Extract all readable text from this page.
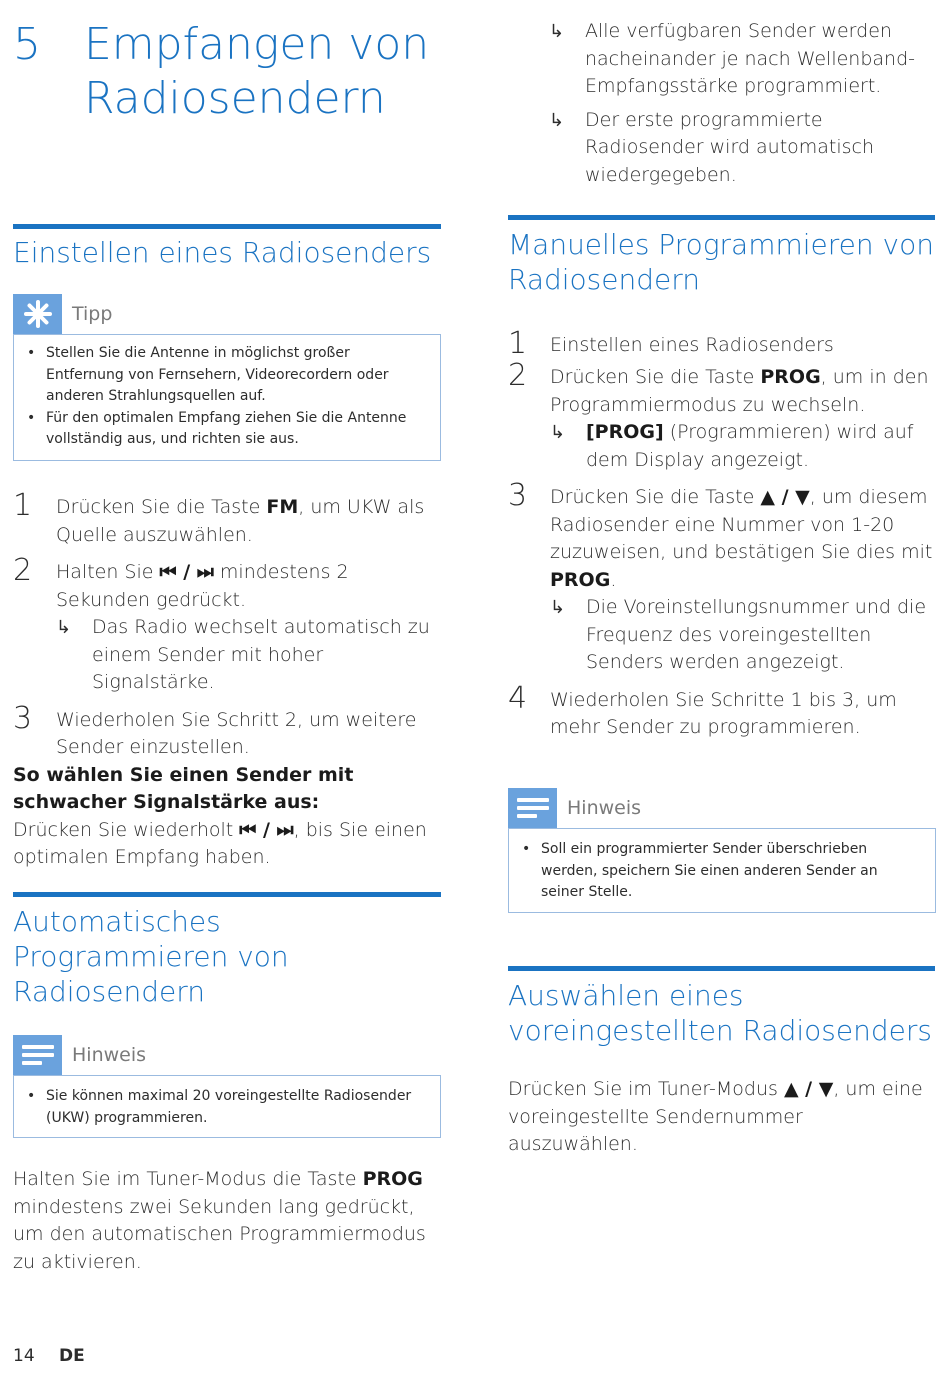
5 Empfangen von Radiosendern
↳ Alle verfügbaren Sender werden nacheinander je nach Wellenband-Empfangsstärke programmiert.
↳ Der erste programmierte Radiosender wird automatisch wiedergegeben.
Einstellen eines Radiosenders
Tipp
• Stellen Sie die Antenne in möglichst großer Entfernung von Fernsehern, Videorecordern oder anderen Strahlungsquellen auf.
• Für den optimalen Empfang ziehen Sie die Antenne vollständig aus, und richten sie aus.
1	Drücken Sie die Taste FM, um UKW als Quelle auszuwählen.
2	Halten Sie ⏮ / ⏭ mindestens 2 Sekunden gedrückt.
↳ Das Radio wechselt automatisch zu einem Sender mit hoher Signalstärke.
3	Wiederholen Sie Schritt 2, um weitere Sender einzustellen.
So wählen Sie einen Sender mit schwacher Signalstärke aus:
Drücken Sie wiederholt ⏮ / ⏭, bis Sie einen optimalen Empfang haben.
Automatisches Programmieren von Radiosendern
Hinweis
• Sie können maximal 20 voreingestellte Radiosender (UKW) programmieren.
Halten Sie im Tuner-Modus die Taste PROG mindestens zwei Sekunden lang gedrückt, um den automatischen Programmiermodus zu aktivieren.
Manuelles Programmieren von Radiosendern
1	Einstellen eines Radiosenders
2	Drücken Sie die Taste PROG, um in den Programmiermodus zu wechseln.
↳ [PROG] (Programmieren) wird auf dem Display angezeigt.
3	Drücken Sie die Taste ▲ / ▼, um diesem Radiosender eine Nummer von 1-20 zuzuweisen, und bestätigen Sie dies mit PROG.
↳ Die Voreinstellungsnummer und die Frequenz des voreingestellten Senders werden angezeigt.
4	Wiederholen Sie Schritte 1 bis 3, um mehr Sender zu programmieren.
Hinweis
• Soll ein programmierter Sender überschrieben werden, speichern Sie einen anderen Sender an seiner Stelle.
Auswählen eines voreingestellten Radiosenders
Drücken Sie im Tuner-Modus ▲ / ▼, um eine voreingestellte Sendernummer auszuwählen.
14 DE
